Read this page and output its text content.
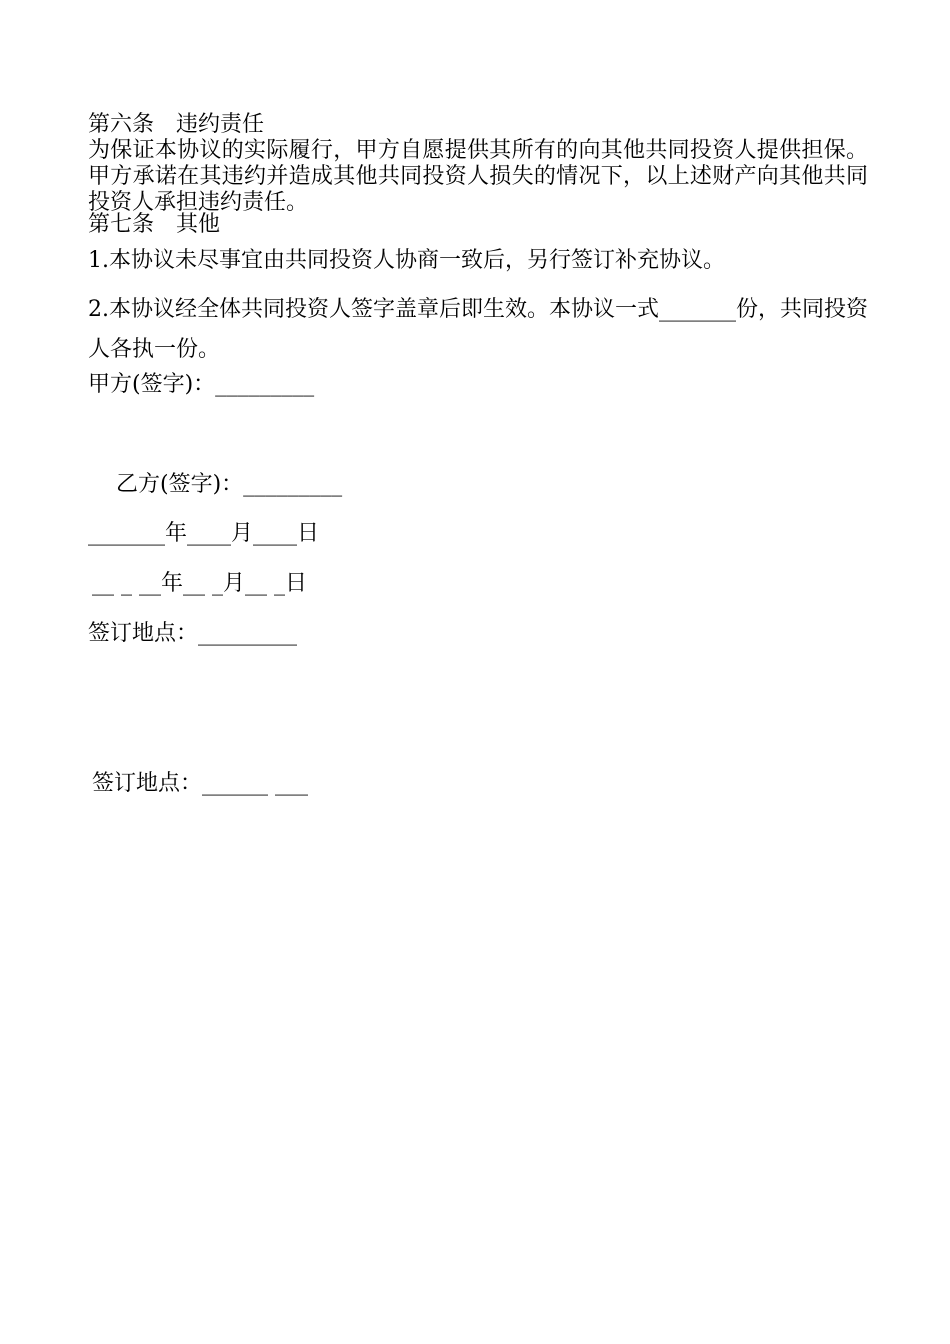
第六条　违约责任
为保证本协议的实际履行，甲方自愿提供其所有的向其他共同投资人提供担保。甲方承诺在其违约并造成其他共同投资人损失的情况下，以上述财产向其他共同投资人承担违约责任。
第七条　其他
1.本协议未尽事宜由共同投资人协商一致后，另行签订补充协议。
2.本协议经全体共同投资人签字盖章后即生效。本协议一式_______份，共同投资人各执一份。
甲方(签字)：_________
乙方(签字)：_________
_______年____月____日
__ _ __年__ _月__ _日
签订地点：_________
签订地点：______ ___
